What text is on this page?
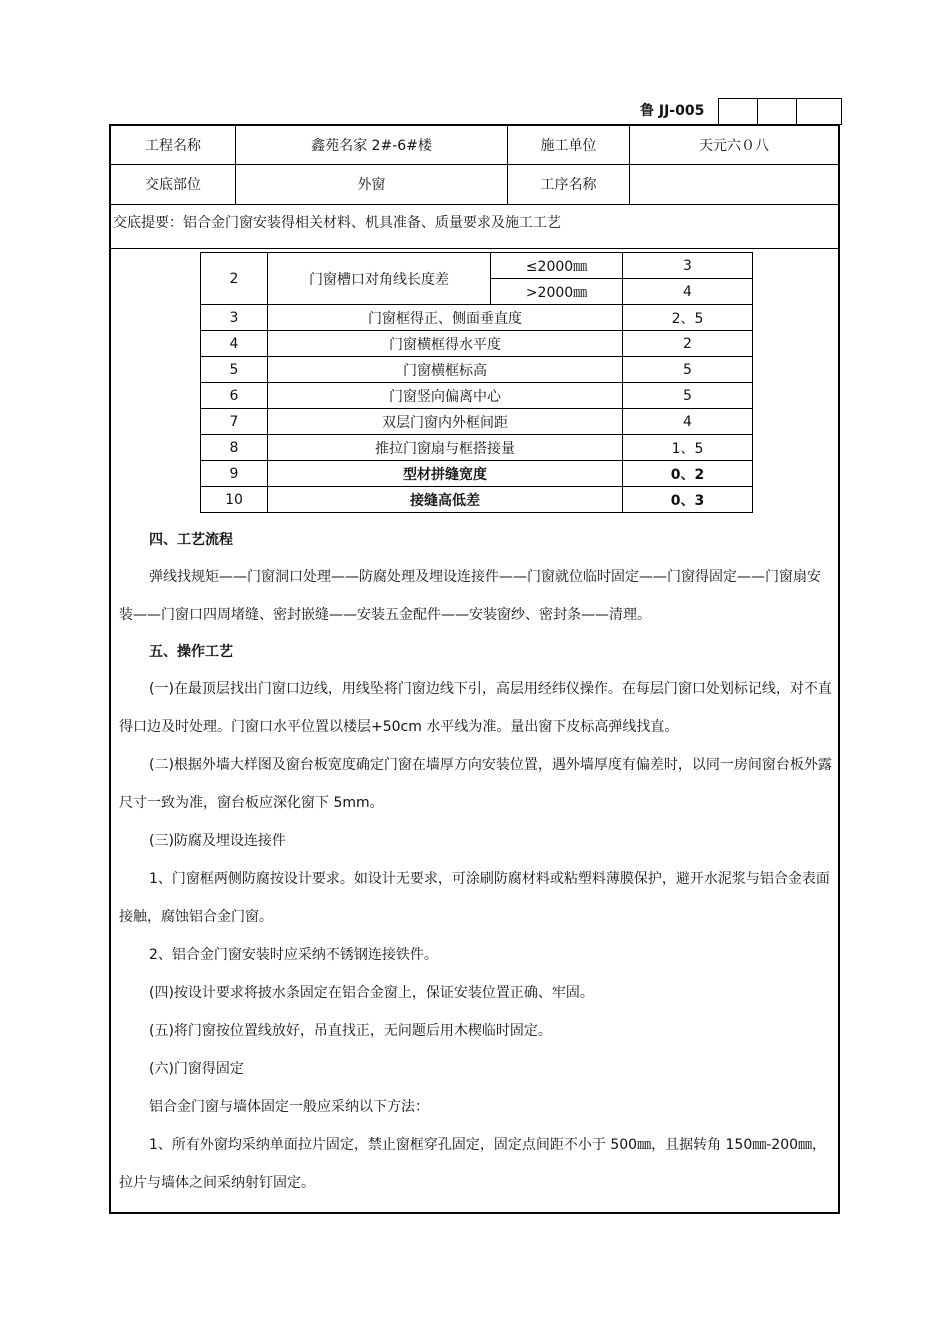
鲁 JJ-005
工程名称	鑫苑名家 2#-6#楼	施工单位	天元六０八
交底部位	外窗	工序名称
交底提要：铝合金门窗安装得相关材料、机具准备、质量要求及施工工艺
2	门窗槽口对角线长度差	≤2000㎜	3
		>2000㎜	4
3	门窗框得正、侧面垂直度		2、5
4	门窗横框得水平度		2
5	门窗横框标高		5
6	门窗竖向偏离中心		5
7	双层门窗内外框间距		4
8	推拉门窗扇与框搭接量		1、5
9	型材拼缝宽度		0、2
10	接缝高低差		0、3

四、工艺流程

弹线找规矩——门窗洞口处理——防腐处理及埋设连接件——门窗就位临时固定——门窗得固定——门窗扇安装——门窗口四周堵缝、密封嵌缝——安装五金配件——安装窗纱、密封条——清理。

五、操作工艺

(一)在最顶层找出门窗口边线，用线坠将门窗边线下引，高层用经纬仪操作。在每层门窗口处划标记线，对不直得口边及时处理。门窗口水平位置以楼层+50cm 水平线为准。量出窗下皮标高弹线找直。

(二)根据外墙大样图及窗台板宽度确定门窗在墙厚方向安装位置，遇外墙厚度有偏差时，以同一房间窗台板外露尺寸一致为准，窗台板应深化窗下 5mm。

(三)防腐及埋设连接件

1、门窗框两侧防腐按设计要求。如设计无要求，可涂刷防腐材料或粘塑料薄膜保护，避开水泥浆与铝合金表面接触，腐蚀铝合金门窗。

2、铝合金门窗安装时应采纳不锈钢连接铁件。

(四)按设计要求将披水条固定在铝合金窗上，保证安装位置正确、牢固。

(五)将门窗按位置线放好，吊直找正，无问题后用木楔临时固定。

(六)门窗得固定

铝合金门窗与墙体固定一般应采纳以下方法：

1、所有外窗均采纳单面拉片固定，禁止窗框穿孔固定，固定点间距不小于 500㎜，且据转角 150㎜-200㎜，拉片与墙体之间采纳射钉固定。
